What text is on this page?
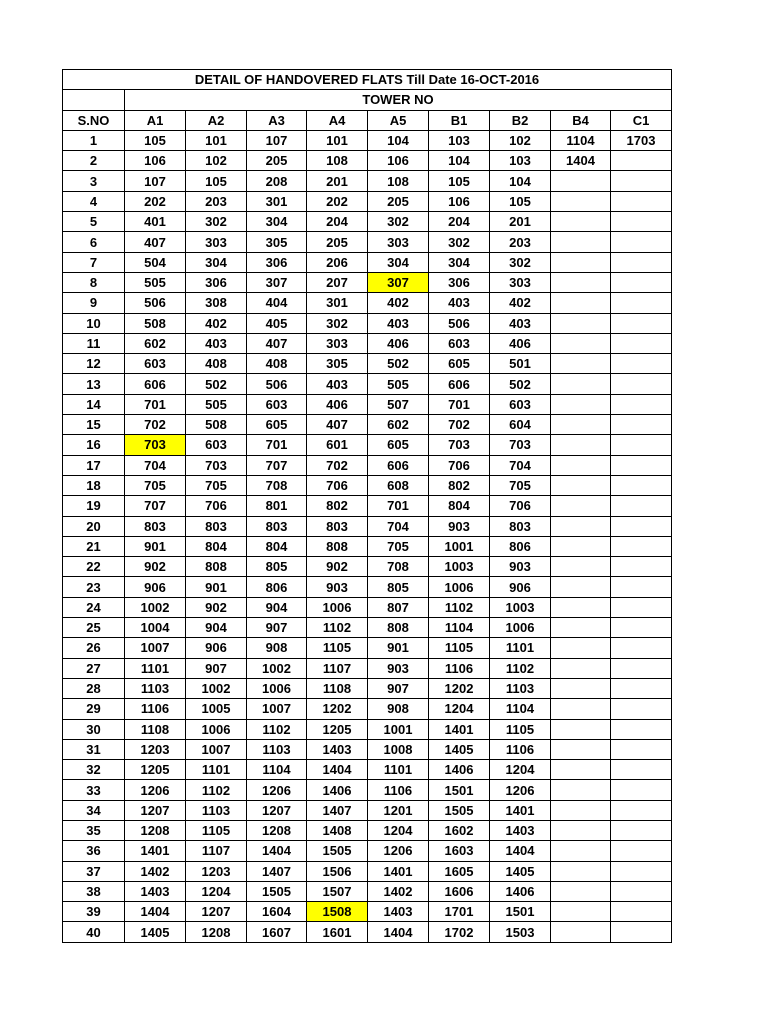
DETAIL OF HANDOVERED FLATS Till Date 16-OCT-2016									
	TOWER NO								
S.NO	A1	A2	A3	A4	A5	B1	B2	B4	C1
1	105	101	107	101	104	103	102	1104	1703
2	106	102	205	108	106	104	103	1404	
3	107	105	208	201	108	105	104		
4	202	203	301	202	205	106	105		
5	401	302	304	204	302	204	201		
6	407	303	305	205	303	302	203		
7	504	304	306	206	304	304	302		
8	505	306	307	207	307	306	303		
9	506	308	404	301	402	403	402		
10	508	402	405	302	403	506	403		
11	602	403	407	303	406	603	406		
12	603	408	408	305	502	605	501		
13	606	502	506	403	505	606	502		
14	701	505	603	406	507	701	603		
15	702	508	605	407	602	702	604		
16	703	603	701	601	605	703	703		
17	704	703	707	702	606	706	704		
18	705	705	708	706	608	802	705		
19	707	706	801	802	701	804	706		
20	803	803	803	803	704	903	803		
21	901	804	804	808	705	1001	806		
22	902	808	805	902	708	1003	903		
23	906	901	806	903	805	1006	906		
24	1002	902	904	1006	807	1102	1003		
25	1004	904	907	1102	808	1104	1006		
26	1007	906	908	1105	901	1105	1101		
27	1101	907	1002	1107	903	1106	1102		
28	1103	1002	1006	1108	907	1202	1103		
29	1106	1005	1007	1202	908	1204	1104		
30	1108	1006	1102	1205	1001	1401	1105		
31	1203	1007	1103	1403	1008	1405	1106		
32	1205	1101	1104	1404	1101	1406	1204		
33	1206	1102	1206	1406	1106	1501	1206		
34	1207	1103	1207	1407	1201	1505	1401		
35	1208	1105	1208	1408	1204	1602	1403		
36	1401	1107	1404	1505	1206	1603	1404		
37	1402	1203	1407	1506	1401	1605	1405		
38	1403	1204	1505	1507	1402	1606	1406		
39	1404	1207	1604	1508	1403	1701	1501		
40	1405	1208	1607	1601	1404	1702	1503		
